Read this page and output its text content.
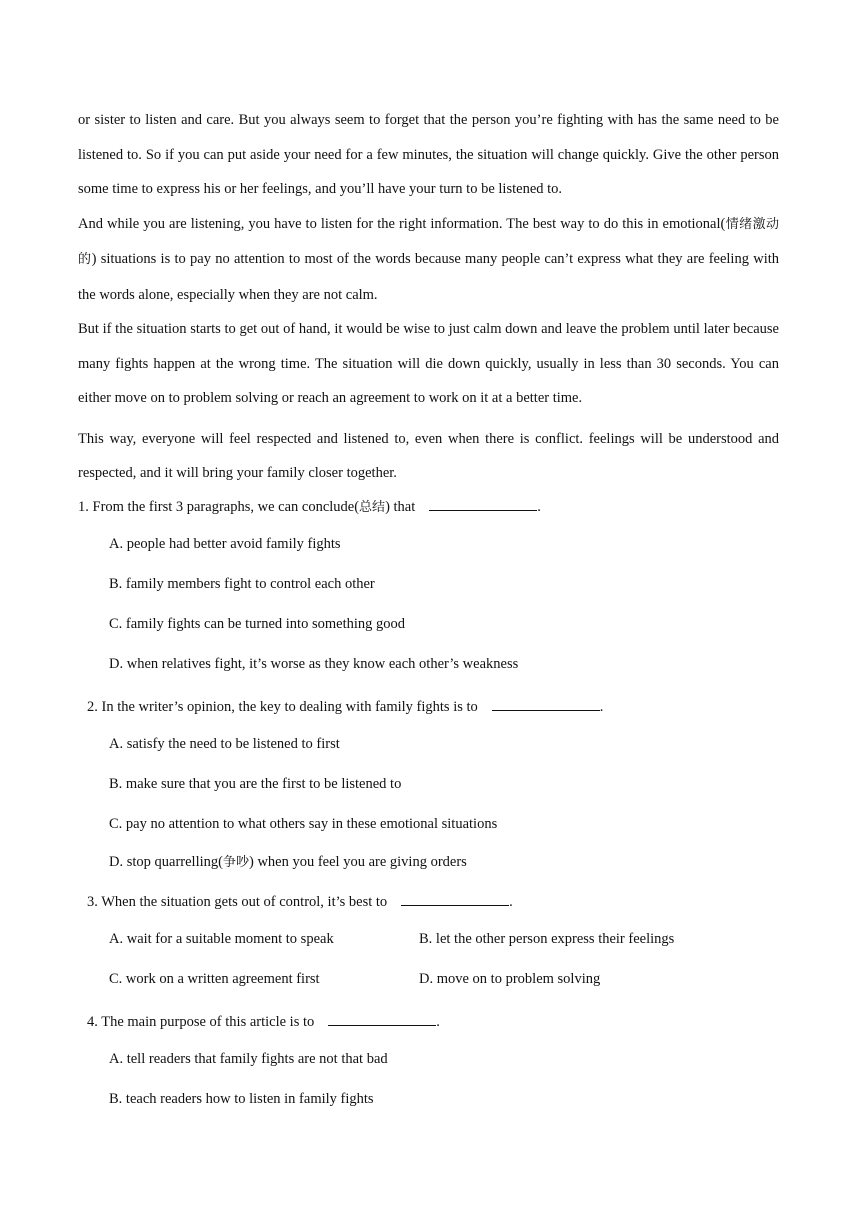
or sister to listen and care. But you always seem to forget that the person you’re fighting with has the same need to be listened to. So if you can put aside your need for a few minutes, the situation will change quickly. Give the other person some time to express his or her feelings, and you’ll have your turn to be listened to.

And while you are listening, you have to listen for the right information. The best way to do this in emotional(情绪激动的) situations is to pay no attention to most of the words because many people can’t express what they are feeling with the words alone, especially when they are not calm.

But if the situation starts to get out of hand, it would be wise to just calm down and leave the problem until later because many fights happen at the wrong time. The situation will die down quickly, usually in less than 30 seconds. You can either move on to problem solving or reach an agreement to work on it at a better time.

This way, everyone will feel respected and listened to, even when there is conflict. feelings will be understood and respected, and it will bring your family closer together.

1. From the first 3 paragraphs, we can conclude(总结) that	.
A. people had better avoid family fights
B. family members fight to control each other
C. family fights can be turned into something good
D. when relatives fight, it’s worse as they know each other’s weakness
2. In the writer’s opinion, the key to dealing with family fights is to	.
A. satisfy the need to be listened to first
B. make sure that you are the first to be listened to
C. pay no attention to what others say in these emotional situations
D. stop quarrelling(争吵) when you feel you are giving orders
3. When the situation gets out of control, it’s best to	.
A. wait for a suitable moment to speak	B. let the other person express their feelings
C. work on a written agreement first	D. move on to problem solving
4. The main purpose of this article is to	.
A. tell readers that family fights are not that bad
B. teach readers how to listen in family fights
